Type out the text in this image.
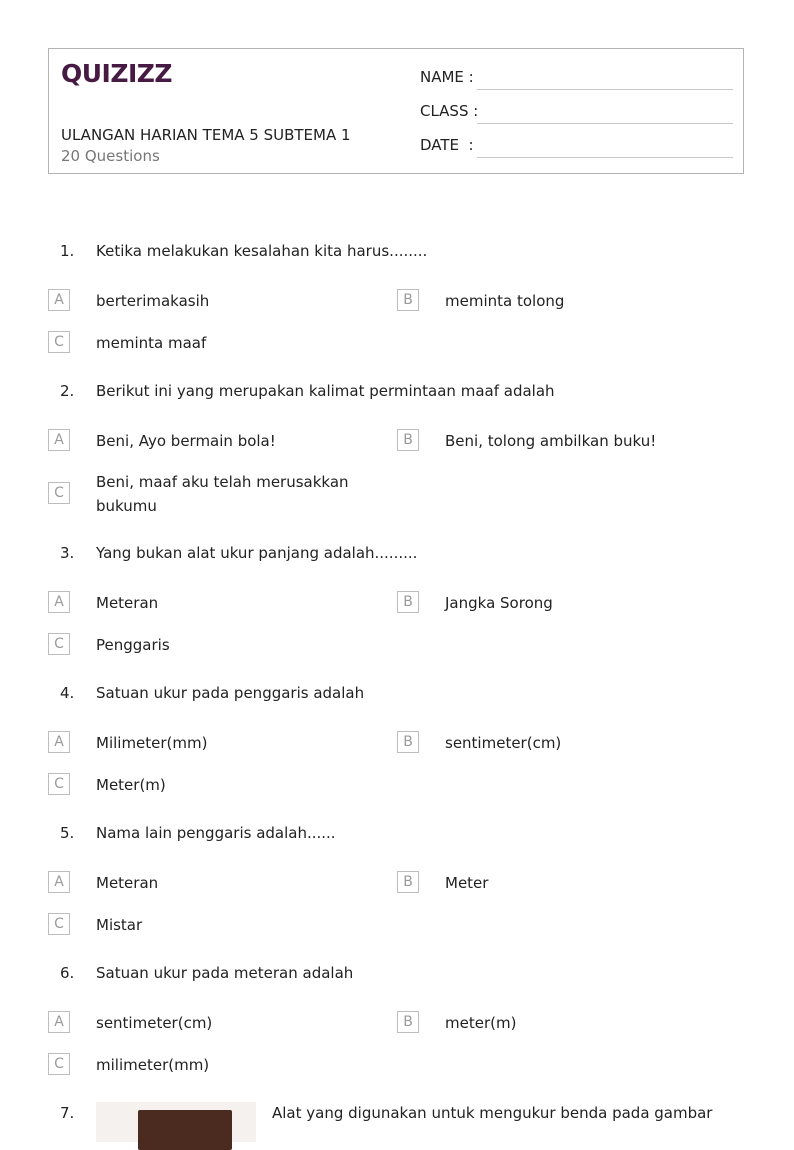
QUIZIZZ
ULANGAN HARIAN TEMA 5 SUBTEMA 1
20 Questions
NAME :
CLASS :
DATE  :
1. Ketika melakukan kesalahan kita harus........
A	berterimakasih	B	meminta tolong
C	meminta maaf
2. Berikut ini yang merupakan kalimat permintaan maaf adalah
A	Beni, Ayo bermain bola!	B	Beni, tolong ambilkan buku!
C
Beni, maaf aku telah merusakkan bukumu
3. Yang bukan alat ukur panjang adalah.........
A	Meteran	B	Jangka Sorong
C	Penggaris
4. Satuan ukur pada penggaris adalah
A	Milimeter(mm)	B	sentimeter(cm)
C	Meter(m)
5. Nama lain penggaris adalah......
A	Meteran	B	Meter
C	Mistar
6. Satuan ukur pada meteran adalah
A	sentimeter(cm)	B	meter(m)
C	milimeter(mm)
7.	Alat yang digunakan untuk mengukur benda pada gambar
